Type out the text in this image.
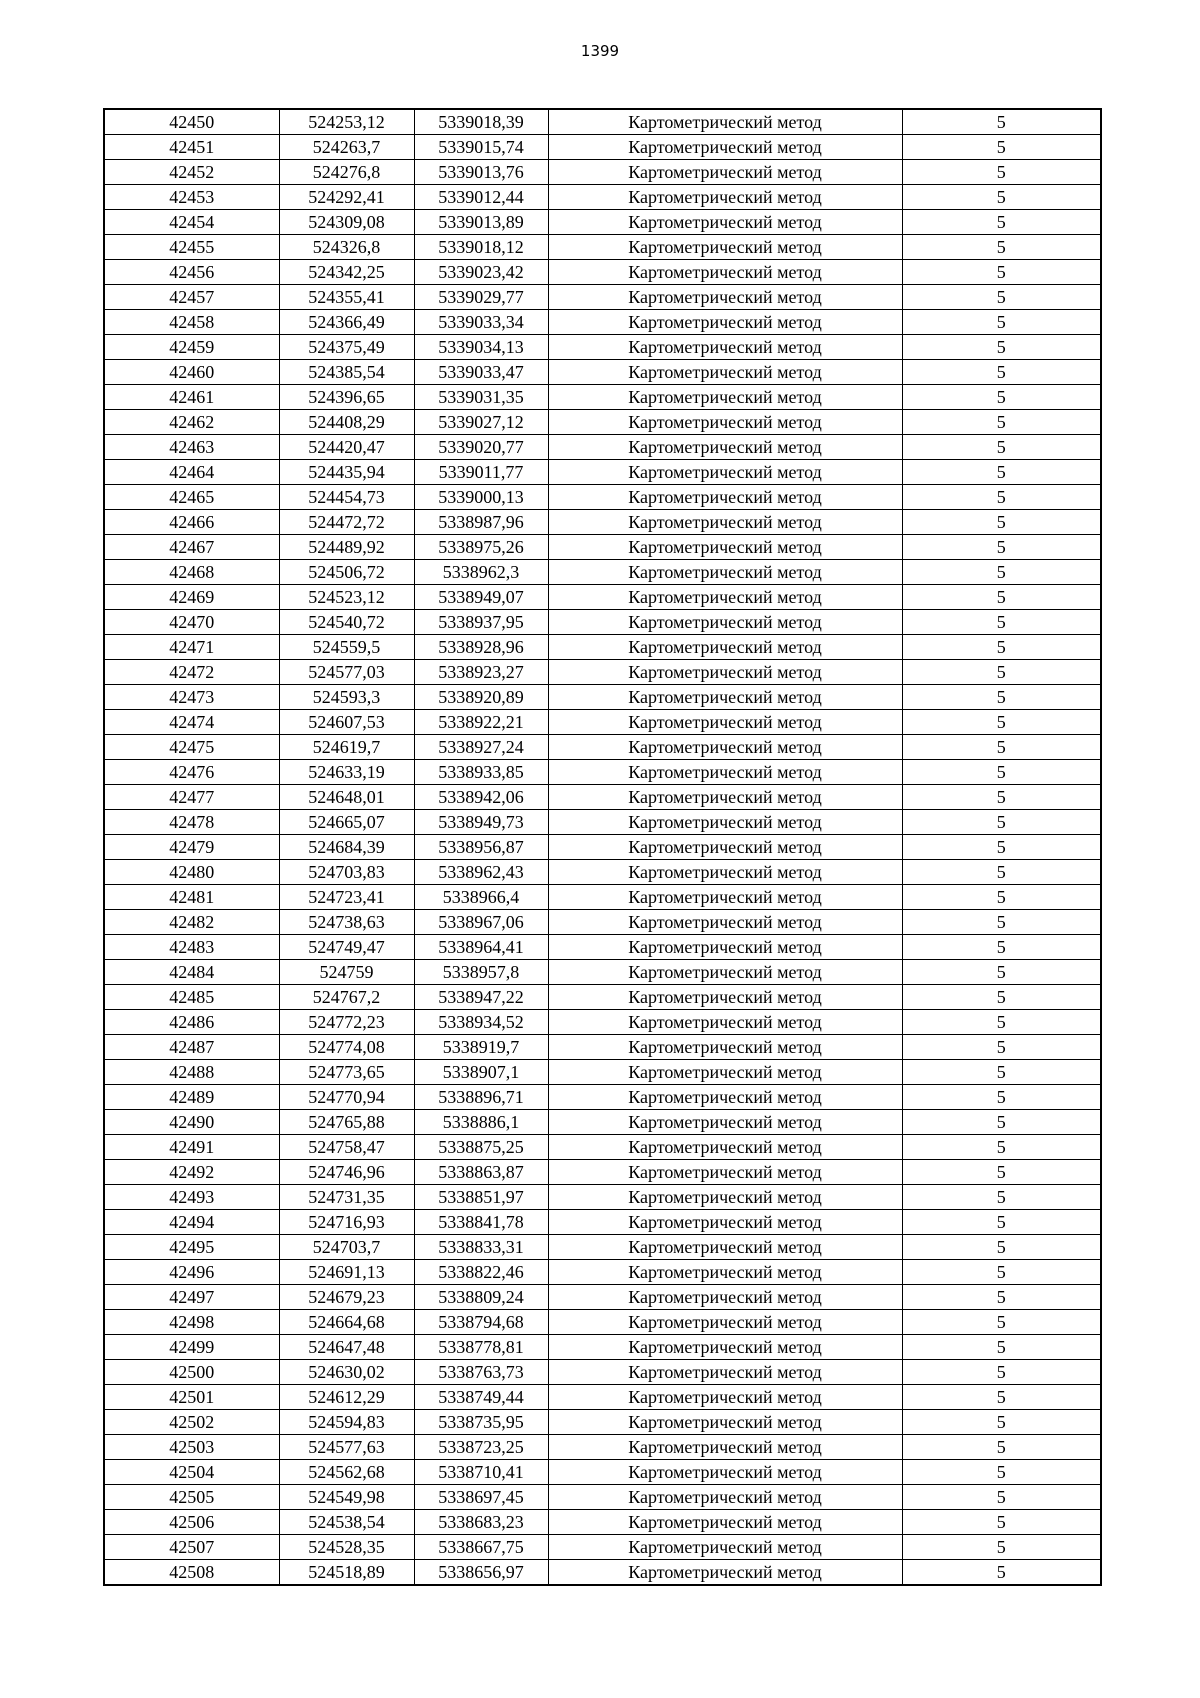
1399
42450	524253,12	5339018,39	Картометрический метод	5
42451	524263,7	5339015,74	Картометрический метод	5
42452	524276,8	5339013,76	Картометрический метод	5
42453	524292,41	5339012,44	Картометрический метод	5
42454	524309,08	5339013,89	Картометрический метод	5
42455	524326,8	5339018,12	Картометрический метод	5
42456	524342,25	5339023,42	Картометрический метод	5
42457	524355,41	5339029,77	Картометрический метод	5
42458	524366,49	5339033,34	Картометрический метод	5
42459	524375,49	5339034,13	Картометрический метод	5
42460	524385,54	5339033,47	Картометрический метод	5
42461	524396,65	5339031,35	Картометрический метод	5
42462	524408,29	5339027,12	Картометрический метод	5
42463	524420,47	5339020,77	Картометрический метод	5
42464	524435,94	5339011,77	Картометрический метод	5
42465	524454,73	5339000,13	Картометрический метод	5
42466	524472,72	5338987,96	Картометрический метод	5
42467	524489,92	5338975,26	Картометрический метод	5
42468	524506,72	5338962,3	Картометрический метод	5
42469	524523,12	5338949,07	Картометрический метод	5
42470	524540,72	5338937,95	Картометрический метод	5
42471	524559,5	5338928,96	Картометрический метод	5
42472	524577,03	5338923,27	Картометрический метод	5
42473	524593,3	5338920,89	Картометрический метод	5
42474	524607,53	5338922,21	Картометрический метод	5
42475	524619,7	5338927,24	Картометрический метод	5
42476	524633,19	5338933,85	Картометрический метод	5
42477	524648,01	5338942,06	Картометрический метод	5
42478	524665,07	5338949,73	Картометрический метод	5
42479	524684,39	5338956,87	Картометрический метод	5
42480	524703,83	5338962,43	Картометрический метод	5
42481	524723,41	5338966,4	Картометрический метод	5
42482	524738,63	5338967,06	Картометрический метод	5
42483	524749,47	5338964,41	Картометрический метод	5
42484	524759	5338957,8	Картометрический метод	5
42485	524767,2	5338947,22	Картометрический метод	5
42486	524772,23	5338934,52	Картометрический метод	5
42487	524774,08	5338919,7	Картометрический метод	5
42488	524773,65	5338907,1	Картометрический метод	5
42489	524770,94	5338896,71	Картометрический метод	5
42490	524765,88	5338886,1	Картометрический метод	5
42491	524758,47	5338875,25	Картометрический метод	5
42492	524746,96	5338863,87	Картометрический метод	5
42493	524731,35	5338851,97	Картометрический метод	5
42494	524716,93	5338841,78	Картометрический метод	5
42495	524703,7	5338833,31	Картометрический метод	5
42496	524691,13	5338822,46	Картометрический метод	5
42497	524679,23	5338809,24	Картометрический метод	5
42498	524664,68	5338794,68	Картометрический метод	5
42499	524647,48	5338778,81	Картометрический метод	5
42500	524630,02	5338763,73	Картометрический метод	5
42501	524612,29	5338749,44	Картометрический метод	5
42502	524594,83	5338735,95	Картометрический метод	5
42503	524577,63	5338723,25	Картометрический метод	5
42504	524562,68	5338710,41	Картометрический метод	5
42505	524549,98	5338697,45	Картометрический метод	5
42506	524538,54	5338683,23	Картометрический метод	5
42507	524528,35	5338667,75	Картометрический метод	5
42508	524518,89	5338656,97	Картометрический метод	5
